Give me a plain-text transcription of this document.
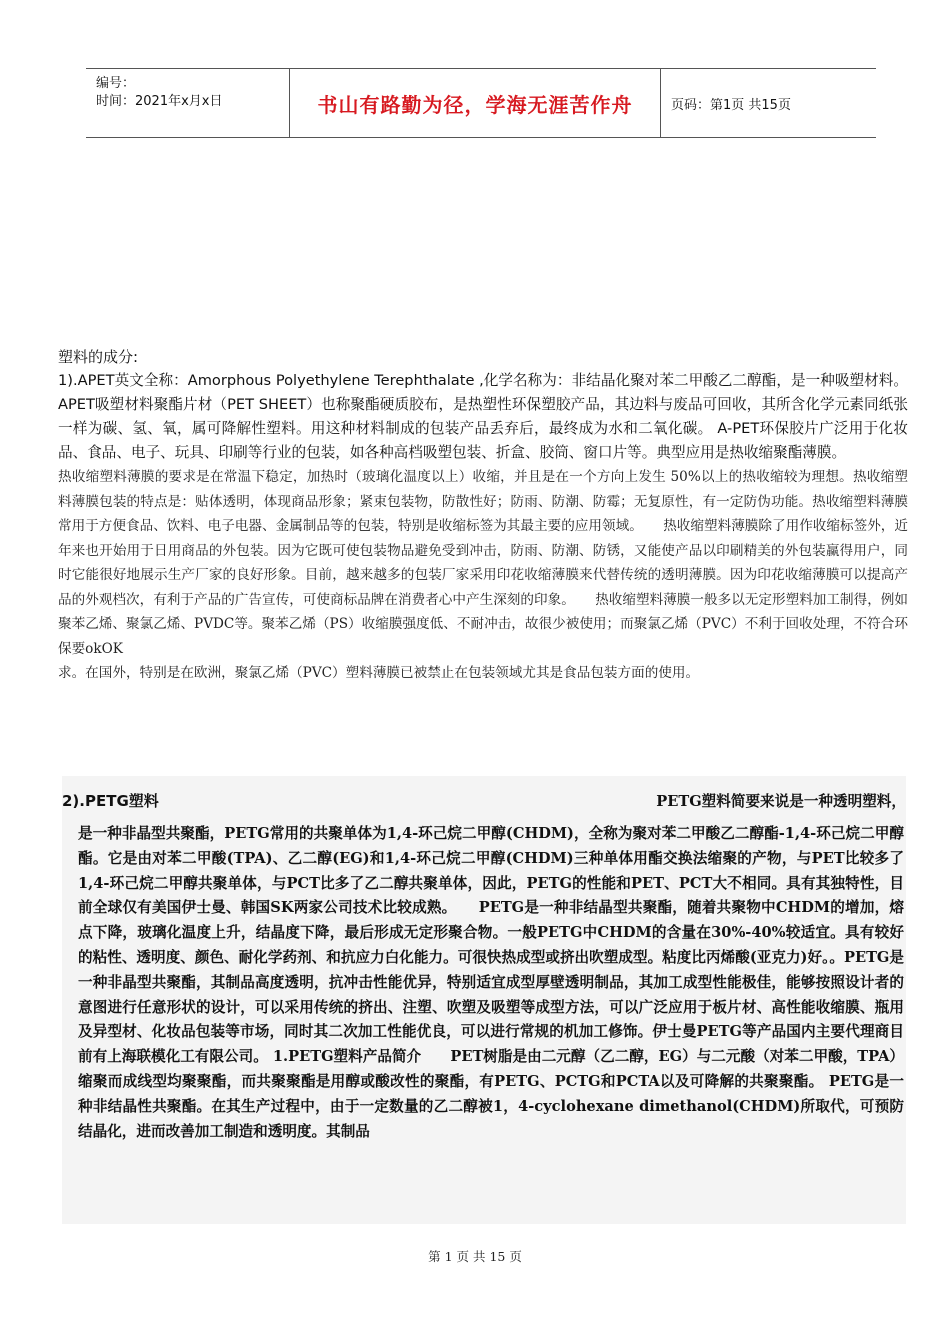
编号：
时间：2021年x月x日	书山有路勤为径，学海无涯苦作舟	页码：第1页 共15页
塑料的成分:
1).APET英文全称：Amorphous Polyethylene Terephthalate ,化学名称为：非结晶化聚对苯二甲酸乙二醇酯，是一种吸塑材料。APET吸塑材料聚酯片材（PET SHEET）也称聚酯硬质胶布，是热塑性环保塑胶产品，其边料与废品可回收，其所含化学元素同纸张一样为碳、氢、氧，属可降解性塑料。用这种材料制成的包装产品丢弃后，最终成为水和二氧化碳。 A-PET环保胶片广泛用于化妆品、食品、电子、玩具、印刷等行业的包装，如各种高档吸塑包装、折盒、胶筒、窗口片等。典型应用是热收缩聚酯薄膜。
热收缩塑料薄膜的要求是在常温下稳定，加热时（玻璃化温度以上）收缩，并且是在一个方向上发生 50%以上的热收缩较为理想。热收缩塑料薄膜包装的特点是：贴体透明，体现商品形象；紧束包装物，防散性好；防雨、防潮、防霉；无复原性，有一定防伪功能。热收缩塑料薄膜常用于方便食品、饮料、电子电器、金属制品等的包装，特别是收缩标签为其最主要的应用领域。　　热收缩塑料薄膜除了用作收缩标签外，近年来也开始用于日用商品的外包装。因为它既可使包装物品避免受到冲击，防雨、防潮、防锈，又能使产品以印刷精美的外包装赢得用户，同时它能很好地展示生产厂家的良好形象。目前，越来越多的包装厂家采用印花收缩薄膜来代替传统的透明薄膜。因为印花收缩薄膜可以提高产品的外观档次，有利于产品的广告宣传，可使商标品牌在消费者心中产生深刻的印象。　　热收缩塑料薄膜一般多以无定形塑料加工制得，例如聚苯乙烯、聚氯乙烯、PVDC等。聚苯乙烯（PS）收缩膜强度低、不耐冲击，故很少被使用；而聚氯乙烯（PVC）不利于回收处理，不符合环保要okOK
求。在国外，特别是在欧洲，聚氯乙烯（PVC）塑料薄膜已被禁止在包装领域尤其是食品包装方面的使用。
2).PETG塑料	PETG塑料简要来说是一种透明塑料，
是一种非晶型共聚酯，PETG常用的共聚单体为1,4-环己烷二甲醇(CHDM)，全称为聚对苯二甲酸乙二醇酯-1,4-环己烷二甲醇酯。它是由对苯二甲酸(TPA)、乙二醇(EG)和1,4-环己烷二甲醇(CHDM)三种单体用酯交换法缩聚的产物，与PET比较多了1,4-环己烷二甲醇共聚单体，与PCT比多了乙二醇共聚单体，因此，PETG的性能和PET、PCT大不相同。具有其独特性，目前全球仅有美国伊士曼、韩国SK两家公司技术比较成熟。　　PETG是一种非结晶型共聚酯，随着共聚物中CHDM的增加，熔点下降，玻璃化温度上升，结晶度下降，最后形成无定形聚合物。一般PETG中CHDM的含量在30%-40%较适宜。具有较好的粘性、透明度、颜色、耐化学药剂、和抗应力白化能力。可很快热成型或挤出吹塑成型。粘度比丙烯酸(亚克力)好。。PETG是一种非晶型共聚酯，其制品高度透明，抗冲击性能优异，特别适宜成型厚壁透明制品，其加工成型性能极佳，能够按照设计者的意图进行任意形状的设计，可以采用传统的挤出、注塑、吹塑及吸塑等成型方法，可以广泛应用于板片材、高性能收缩膜、瓶用及异型材、化妆品包装等市场，同时其二次加工性能优良，可以进行常规的机加工修饰。伊士曼PETG等产品国内主要代理商目前有上海联模化工有限公司。 1.PETG塑料产品简介　　PET树脂是由二元醇（乙二醇，EG）与二元酸（对苯二甲酸，TPA）缩聚而成线型均聚聚酯，而共聚聚酯是用醇或酸改性的聚酯，有PETG、PCTG和PCTA以及可降解的共聚聚酯。 PETG是一种非结晶性共聚酯。在其生产过程中，由于一定数量的乙二醇被1，4-cyclohexane dimethanol(CHDM)所取代，可预防结晶化，进而改善加工制造和透明度。其制品
第 1 页 共 15 页
